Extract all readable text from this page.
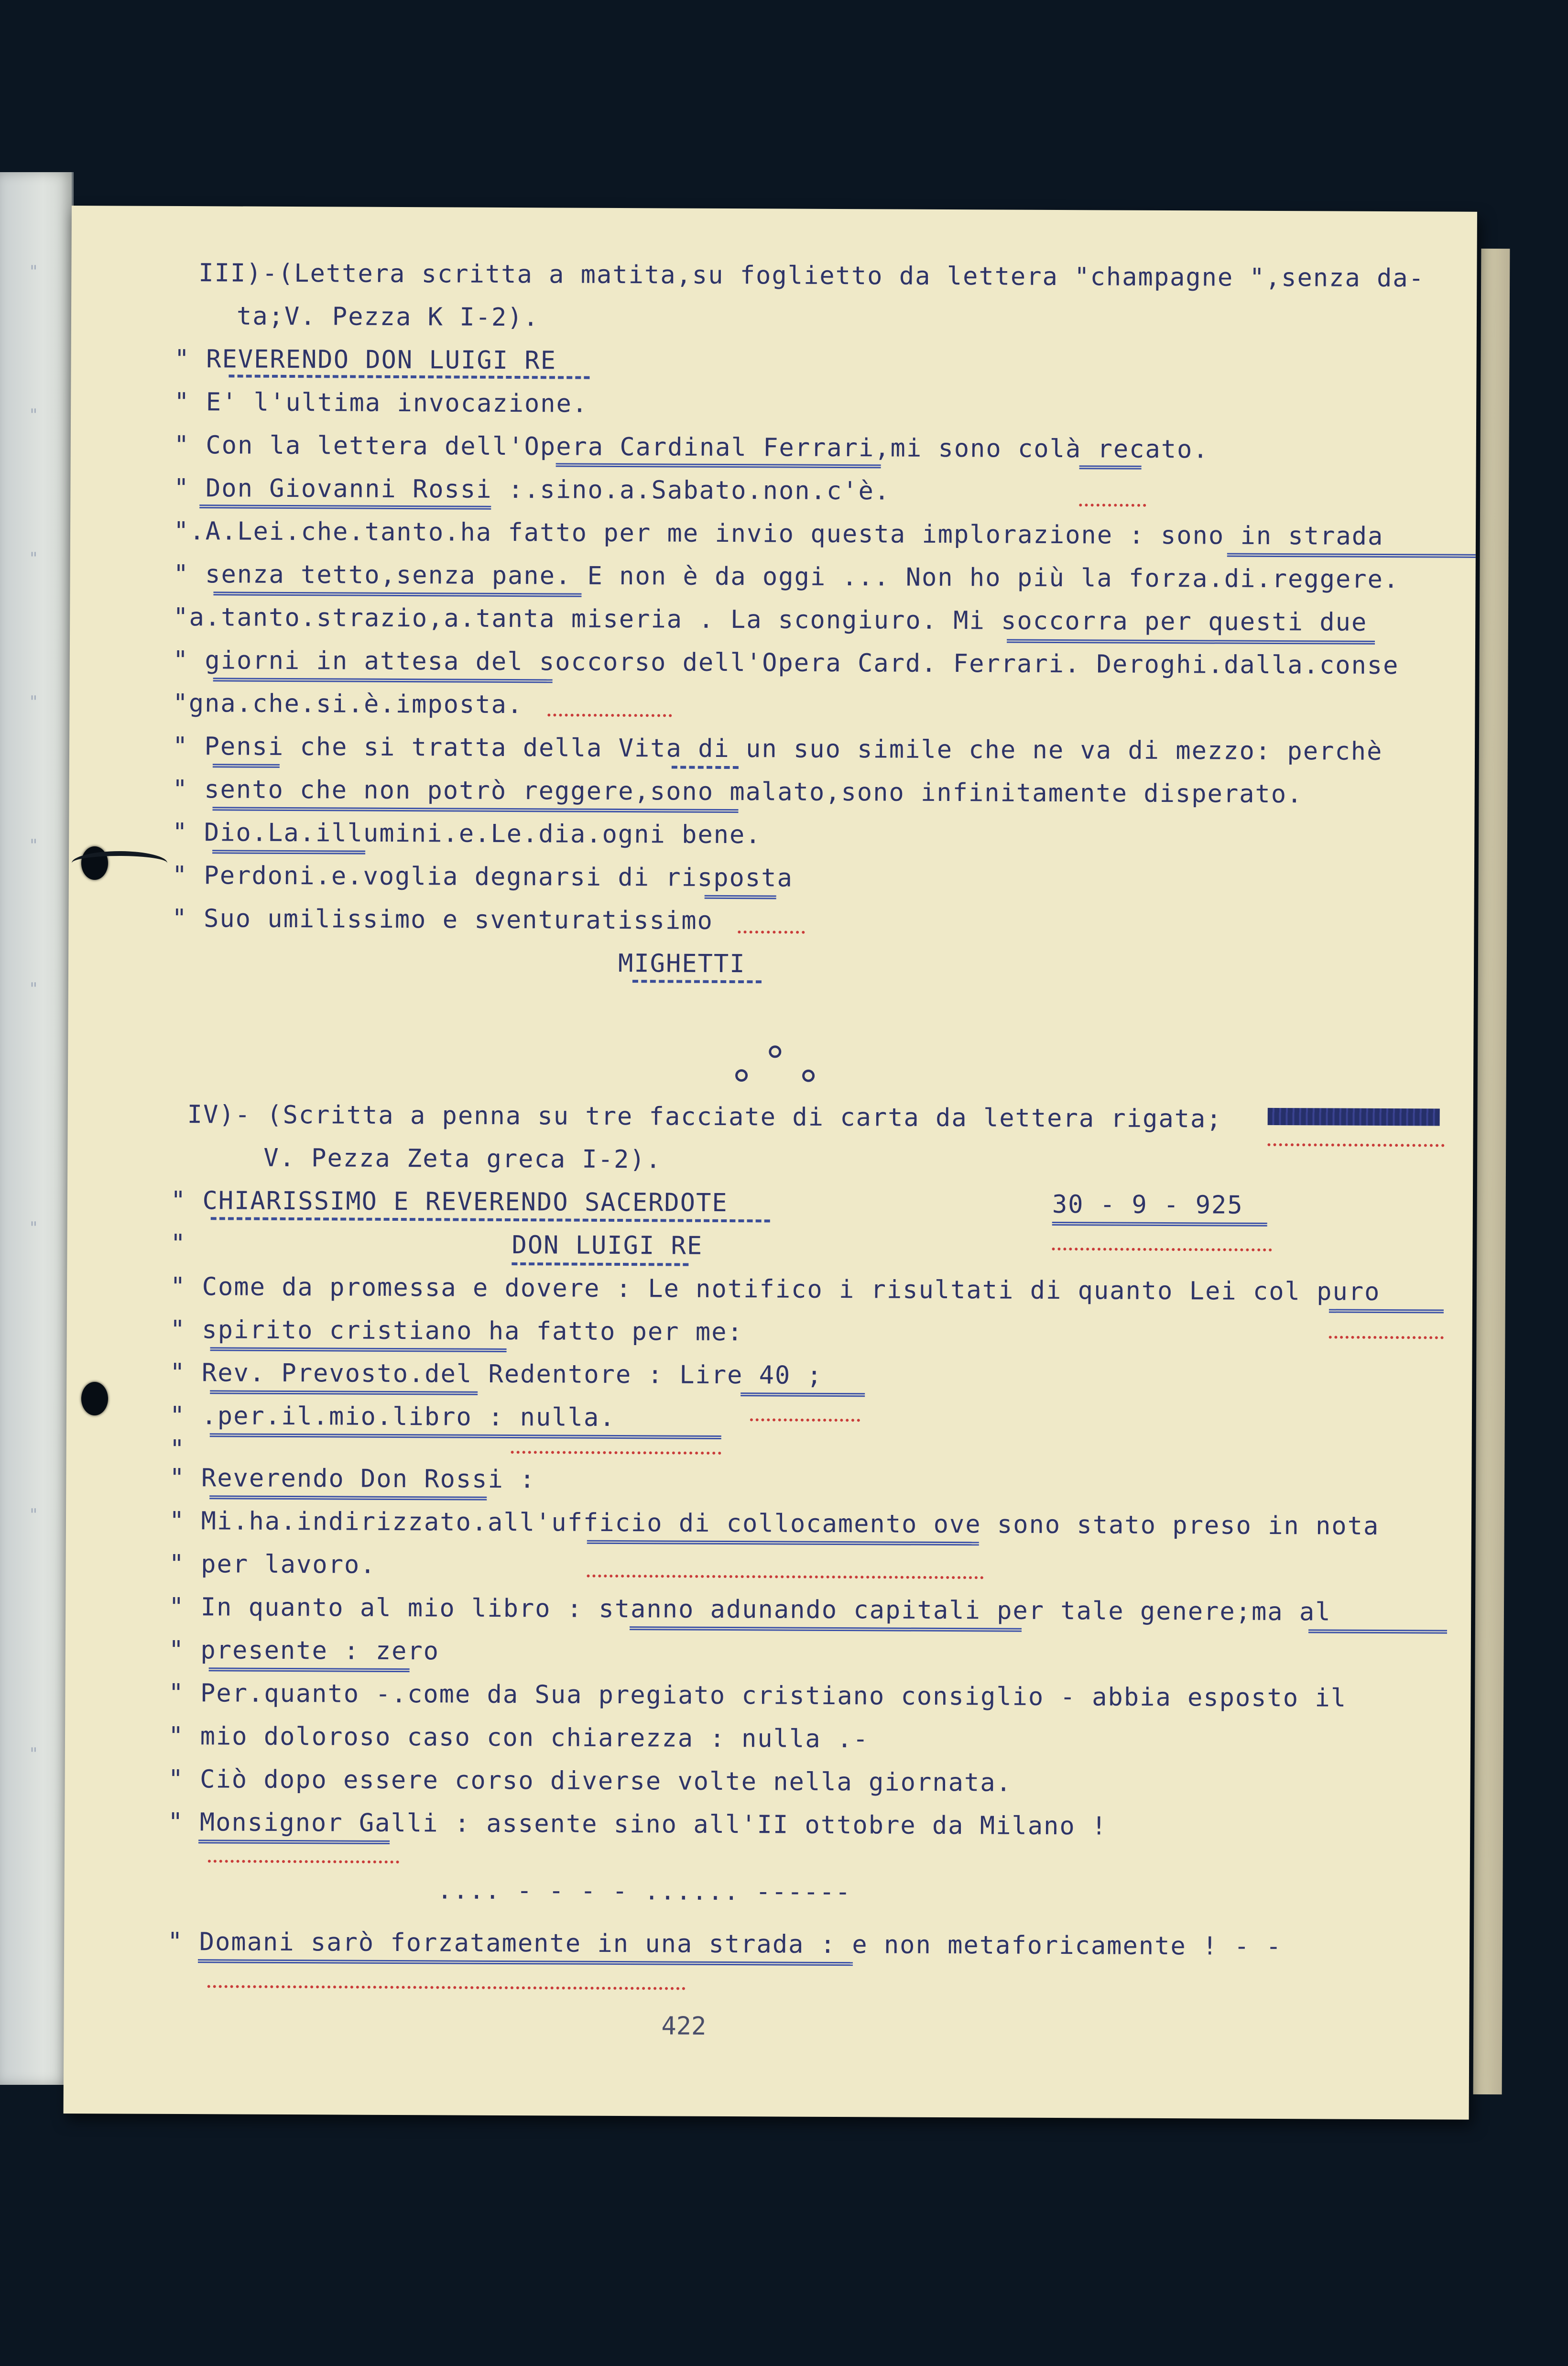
"
"
"
"
"
"
"
"
"

III)-(Lettera scritta a matita,su foglietto da lettera "champagne ",senza da-

ta;V. Pezza K I-2).

" REVERENDO DON LUIGI RE

" E' l'ultima invocazione.

" Con la lettera dell'Opera Cardinal Ferrari,mi sono colà recato.

" Don Giovanni Rossi :.sino.a.Sabato.non.c'è.

".A.Lei.che.tanto.ha fatto per me invio questa implorazione : sono in strada

" senza tetto,senza pane. E non è da oggi ... Non ho più la forza.di.reggere.

"a.tanto.strazio,a.tanta miseria . La scongiuro. Mi soccorra per questi due

" giorni in attesa del soccorso dell'Opera Card. Ferrari. Deroghi.dalla.conse

"gna.che.si.è.imposta.

" Pensi che si tratta della Vita di un suo simile che ne va di mezzo: perchè

" sento che non potrò reggere,sono malato,sono infinitamente disperato.

" Dio.La.illumini.e.Le.dia.ogni bene.

" Perdoni.e.voglia degnarsi di risposta

" Suo umilissimo e sventuratissimo

MIGHETTI

IV)- (Scritta a penna su tre facciate di carta da lettera rigata;

V. Pezza Zeta greca I-2).

" CHIARISSIMO E REVERENDO SACERDOTE	30 - 9 - 925

"	DON LUIGI RE

" Come da promessa e dovere : Le notifico i risultati di quanto Lei col puro

" spirito cristiano ha fatto per me:

" Rev. Prevosto.del Redentore : Lire 40 ;

" .per.il.mio.libro : nulla.

"

" Reverendo Don Rossi :

" Mi.ha.indirizzato.all'ufficio di collocamento ove sono stato preso in nota

" per lavoro.

" In quanto al mio libro : stanno adunando capitali per tale genere;ma al

" presente : zero

" Per.quanto -.come da Sua pregiato cristiano consiglio - abbia esposto il

" mio doloroso caso con chiarezza : nulla .-

" Ciò dopo essere corso diverse volte nella giornata.

" Monsignor Galli : assente sino all'II ottobre da Milano !

.... - - - - ...... ------

" Domani sarò forzatamente in una strada : e non metaforicamente ! - -

422
